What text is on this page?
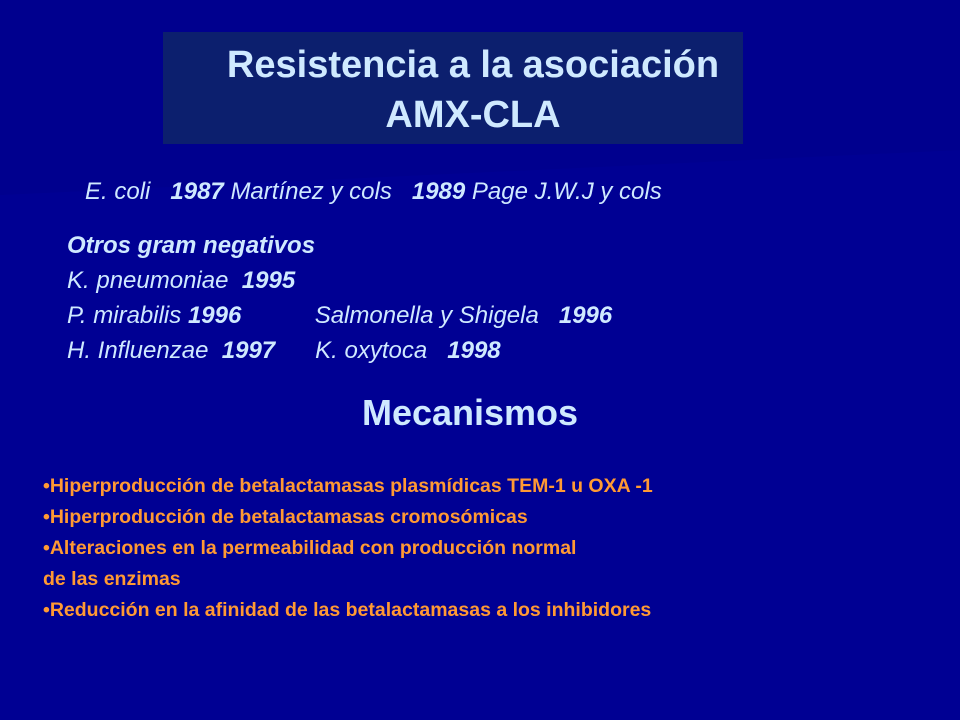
Resistencia a la asociación
AMX-CLA
E. coli 1987 Martínez y cols 1989 Page J.W.J y cols
Otros gram negativos
K. pneumoniae 1995
P. mirabilis 1996	Salmonella y Shigela 1996
H. Influenzae 1997 K. oxytoca 1998
Mecanismos
•Hiperproducción de betalactamasas plasmídicas TEM-1 u OXA -1
•Hiperproducción de betalactamasas cromosómicas
•Alteraciones en la permeabilidad con producción normal
de las enzimas
•Reducción en la afinidad de las betalactamasas a los inhibidores
